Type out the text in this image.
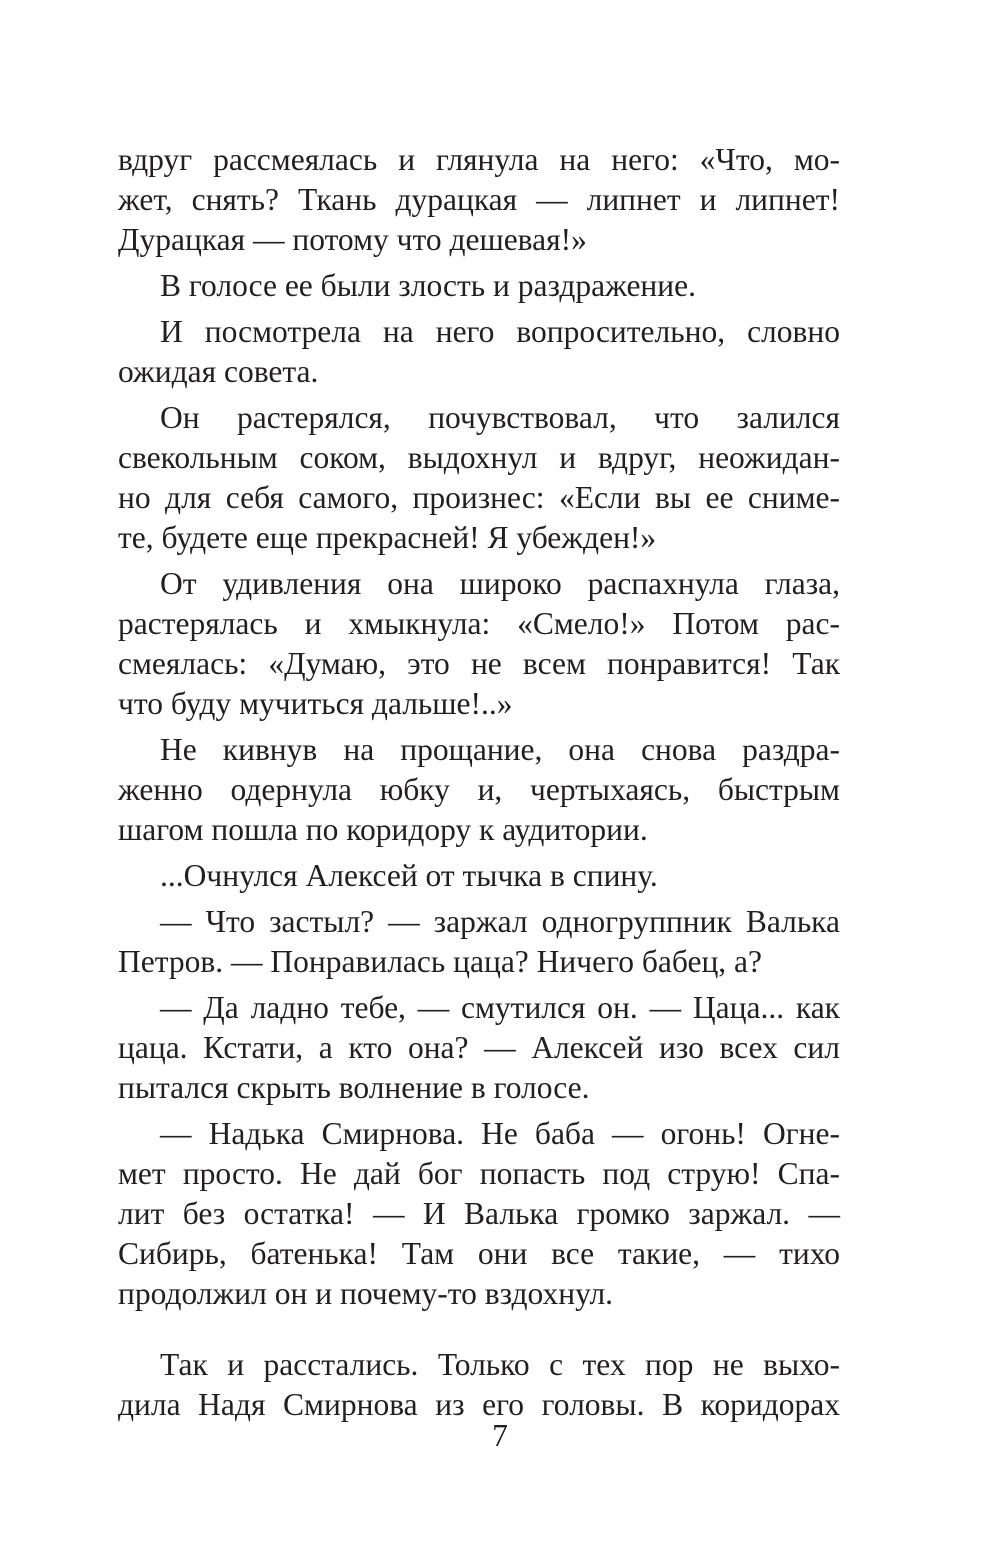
вдруг рассмеялась и глянула на него: «Что, мо-
жет, снять? Ткань дурацкая — липнет и липнет!
Дурацкая — потому что дешевая!»
В голосе ее были злость и раздражение.
И посмотрела на него вопросительно, словно
ожидая совета.
Он растерялся, почувствовал, что залился
свекольным соком, выдохнул и вдруг, неожидан-
но для себя самого, произнес: «Если вы ее сниме-
те, будете еще прекрасней! Я убежден!»
От удивления она широко распахнула глаза,
растерялась и хмыкнула: «Смело!» Потом рас-
смеялась: «Думаю, это не всем понравится! Так
что буду мучиться дальше!..»
Не кивнув на прощание, она снова раздра-
женно одернула юбку и, чертыхаясь, быстрым
шагом пошла по коридору к аудитории.
...Очнулся Алексей от тычка в спину.
— Что застыл? — заржал одногруппник Валька
Петров. — Понравилась цаца? Ничего бабец, а?
— Да ладно тебе, — смутился он. — Цаца... как
цаца. Кстати, а кто она? — Алексей изо всех сил
пытался скрыть волнение в голосе.
— Надька Смирнова. Не баба — огонь! Огне-
мет просто. Не дай бог попасть под струю! Спа-
лит без остатка! — И Валька громко заржал. —
Сибирь, батенька! Там они все такие, — тихо
продолжил он и почему-то вздохнул.
Так и расстались. Только с тех пор не выхо-
дила Надя Смирнова из его головы. В коридорах
7
